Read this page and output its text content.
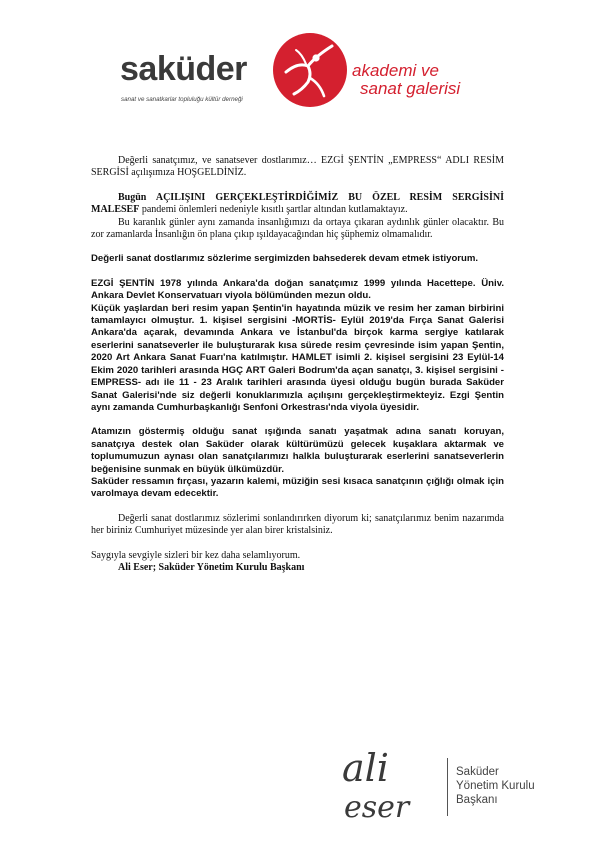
saküder
sanat ve sanatkarlar topluluğu kültür derneği
akademi ve
sanat galerisi

Değerli sanatçımız, ve sanatsever dostlarımız… EZGİ ŞENTİN „EMPRESS“ ADLI RESİM SERGİSİ açılışımıza HOŞGELDİNİZ.

Bugün AÇILIŞINI GERÇEKLEŞTİRDİĞİMİZ BU ÖZEL RESİM SERGİSİNİ MALESEF pandemi önlemleri nedeniyle kısıtlı şartlar altından kutlamaktayız.

Bu karanlık günler aynı zamanda insanlığımızı da ortaya çıkaran aydınlık günler olacaktır. Bu zor zamanlarda İnsanlığın ön plana çıkıp ışıldayacağından hiç şüphemiz olmamalıdır.

Değerli sanat dostlarımız sözlerime sergimizden bahsederek devam etmek istiyorum.

EZGİ ŞENTİN 1978 yılında Ankara'da doğan sanatçımız 1999 yılında Hacettepe. Üniv. Ankara Devlet Konservatuarı viyola bölümünden mezun oldu.

Küçük yaşlardan beri resim yapan Şentin'in hayatında müzik ve resim her zaman birbirini tamamlayıcı olmuştur. 1. kişisel sergisini -MORTİS- Eylül 2019'da Fırça Sanat Galerisi Ankara'da açarak, devamında Ankara ve İstanbul'da birçok karma sergiye katılarak eserlerini sanatseverler ile buluşturarak kısa sürede resim çevresinde isim yapan Şentin, 2020 Art Ankara Sanat Fuarı'na katılmıştır. HAMLET isimli 2. kişisel sergisini 23 Eylül-14 Ekim 2020 tarihleri arasında HGÇ ART Galeri Bodrum'da açan sanatçı, 3. kişisel sergisini -EMPRESS- adı ile 11 - 23 Aralık tarihleri arasında üyesi olduğu bugün burada Saküder Sanat Galerisi'nde siz değerli konuklarımızla açılışını gerçekleştirmekteyiz. Ezgi Şentin aynı zamanda Cumhurbaşkanlığı Senfoni Orkestrası'nda viyola üyesidir.

Atamızın göstermiş olduğu sanat ışığında sanatı yaşatmak adına sanatı koruyan, sanatçıya destek olan Saküder olarak kültürümüzü gelecek kuşaklara aktarmak ve toplumumuzun aynası olan sanatçılarımızı halkla buluşturarak eserlerini sanatseverlerin beğenisine sunmak en büyük ülkümüzdür.

Saküder ressamın fırçası, yazarın kalemi, müziğin sesi kısaca sanatçının çığlığı olmak için varolmaya devam edecektir.

Değerli sanat dostlarımız sözlerimi sonlandırırken diyorum ki; sanatçılarımız benim nazarımda her biriniz Cumhuriyet müzesinde yer alan birer kristalsiniz.

Saygıyla sevgiyle sizleri bir kez daha selamlıyorum.

Ali Eser; Saküder Yönetim Kurulu Başkanı

ali
eser
Saküder
Yönetim Kurulu
Başkanı
